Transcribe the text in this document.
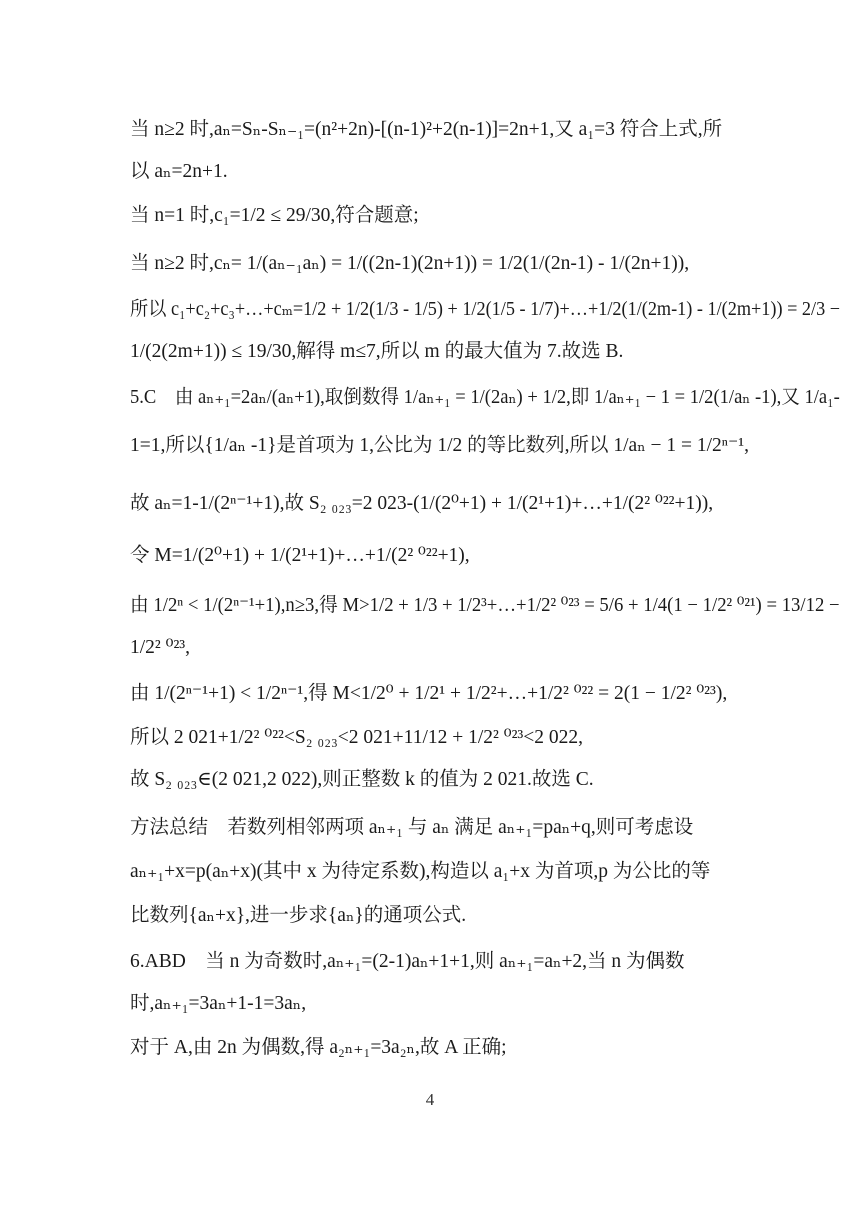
当 n≥2 时,aₙ=Sₙ-Sₙ₋₁=(n²+2n)-[(n-1)²+2(n-1)]=2n+1,又 a₁=3 符合上式,所
以 aₙ=2n+1.
当 n=1 时,c₁=1/2 ≤ 29/30,符合题意;
当 n≥2 时,cₙ= 1/(aₙ₋₁aₙ) = 1/((2n-1)(2n+1)) = 1/2(1/(2n-1) - 1/(2n+1)),
所以 c₁+c₂+c₃+…+cₘ=1/2 + 1/2(1/3 - 1/5) + 1/2(1/5 - 1/7)+…+1/2(1/(2m-1) - 1/(2m+1)) = 2/3 −
1/(2(2m+1)) ≤ 19/30,解得 m≤7,所以 m 的最大值为 7.故选 B.
5.C　由 aₙ₊₁=2aₙ/(aₙ+1),取倒数得 1/aₙ₊₁ = 1/(2aₙ) + 1/2,即 1/aₙ₊₁ − 1 = 1/2(1/aₙ -1),又 1/a₁-
1=1,所以{1/aₙ -1}是首项为 1,公比为 1/2 的等比数列,所以 1/aₙ − 1 = 1/2ⁿ⁻¹,
故 aₙ=1-1/(2ⁿ⁻¹+1),故 S₂ ₀₂₃=2 023-(1/(2⁰+1) + 1/(2¹+1)+…+1/(2² ⁰²²+1)),
令 M=1/(2⁰+1) + 1/(2¹+1)+…+1/(2² ⁰²²+1),
由 1/2ⁿ < 1/(2ⁿ⁻¹+1),n≥3,得 M>1/2 + 1/3 + 1/2³+…+1/2² ⁰²³ = 5/6 + 1/4(1 − 1/2² ⁰²¹) = 13/12 −
1/2² ⁰²³,
由 1/(2ⁿ⁻¹+1) < 1/2ⁿ⁻¹,得 M<1/2⁰ + 1/2¹ + 1/2²+…+1/2² ⁰²² = 2(1 − 1/2² ⁰²³),
所以 2 021+1/2² ⁰²²<S₂ ₀₂₃<2 021+11/12 + 1/2² ⁰²³<2 022,
故 S₂ ₀₂₃∈(2 021,2 022),则正整数 k 的值为 2 021.故选 C.
方法总结　若数列相邻两项 aₙ₊₁ 与 aₙ 满足 aₙ₊₁=paₙ+q,则可考虑设
aₙ₊₁+x=p(aₙ+x)(其中 x 为待定系数),构造以 a₁+x 为首项,p 为公比的等
比数列{aₙ+x},进一步求{aₙ}的通项公式.
6.ABD　当 n 为奇数时,aₙ₊₁=(2-1)aₙ+1+1,则 aₙ₊₁=aₙ+2,当 n 为偶数
时,aₙ₊₁=3aₙ+1-1=3aₙ,
对于 A,由 2n 为偶数,得 a₂ₙ₊₁=3a₂ₙ,故 A 正确;
4
